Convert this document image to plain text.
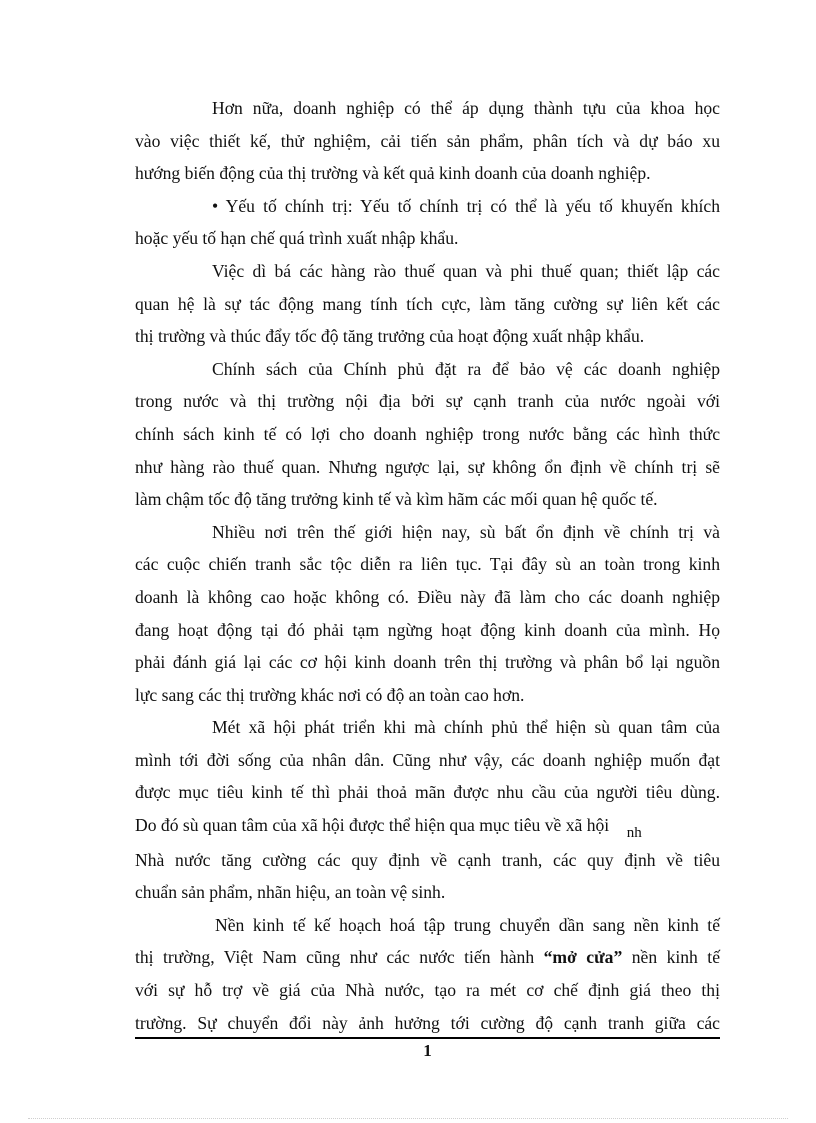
Hơn nữa, doanh nghiệp có thể áp dụng thành tựu của khoa học
vào việc thiết kế, thử nghiệm, cải tiến sản phẩm, phân tích và dự báo xu
hướng biến động của thị trường và kết quả kinh doanh của doanh nghiệp.

• Yếu tố chính trị: Yếu tố chính trị có thể là yếu tố khuyến khích
hoặc yếu tố hạn chế quá trình xuất nhập khẩu.

Việc dì bá các hàng rào thuế quan và phi thuế quan; thiết lập các
quan hệ là sự tác động mang tính tích cực, làm tăng cường sự liên kết các
thị trường và thúc đẩy tốc độ tăng trưởng của hoạt động xuất nhập khẩu.

Chính sách của Chính phủ đặt ra để bảo vệ các doanh nghiệp
trong nước và thị trường nội địa bởi sự cạnh tranh của nước ngoài với
chính sách kinh tế có lợi cho doanh nghiệp trong nước bằng các hình thức
như hàng rào thuế quan. Nhưng ngược lại, sự không ổn định về chính trị sẽ
làm chậm tốc độ tăng trưởng kinh tế và kìm hãm các mối quan hệ quốc tế.

Nhiều nơi trên thế giới hiện nay, sù bất ổn định về chính trị và
các cuộc chiến tranh sắc tộc diễn ra liên tục. Tại đây sù an toàn trong kinh
doanh là không cao hoặc không có. Điều này đã làm cho các doanh nghiệp
đang hoạt động tại đó phải tạm ngừng hoạt động kinh doanh của mình. Họ
phải đánh giá lại các cơ hội kinh doanh trên thị trường và phân bổ lại nguồn
lực sang các thị trường khác nơi có độ an toàn cao hơn.

Mét xã hội phát triển khi mà chính phủ thể hiện sù quan tâm của
mình tới đời sống của nhân dân. Cũng như vậy, các doanh nghiệp muốn đạt
được mục tiêu kinh tế thì phải thoả mãn được nhu cầu của người tiêu dùng.
Do đó sù quan tâm của xã hội được thể hiện qua mục tiêu về xã hội nh
Nhà nước tăng cường các quy định về cạnh tranh, các quy định về tiêu
chuẩn sản phẩm, nhãn hiệu, an toàn vệ sinh.

Nền kinh tế kế hoạch hoá tập trung chuyển dần sang nền kinh tế
thị trường, Việt Nam cũng như các nước tiến hành “mở cửa” nền kinh tế
với sự hỗ trợ về giá của Nhà nước, tạo ra mét cơ chế định giá theo thị
trường. Sự chuyển đổi này ảnh hưởng tới cường độ cạnh tranh giữa các

1
